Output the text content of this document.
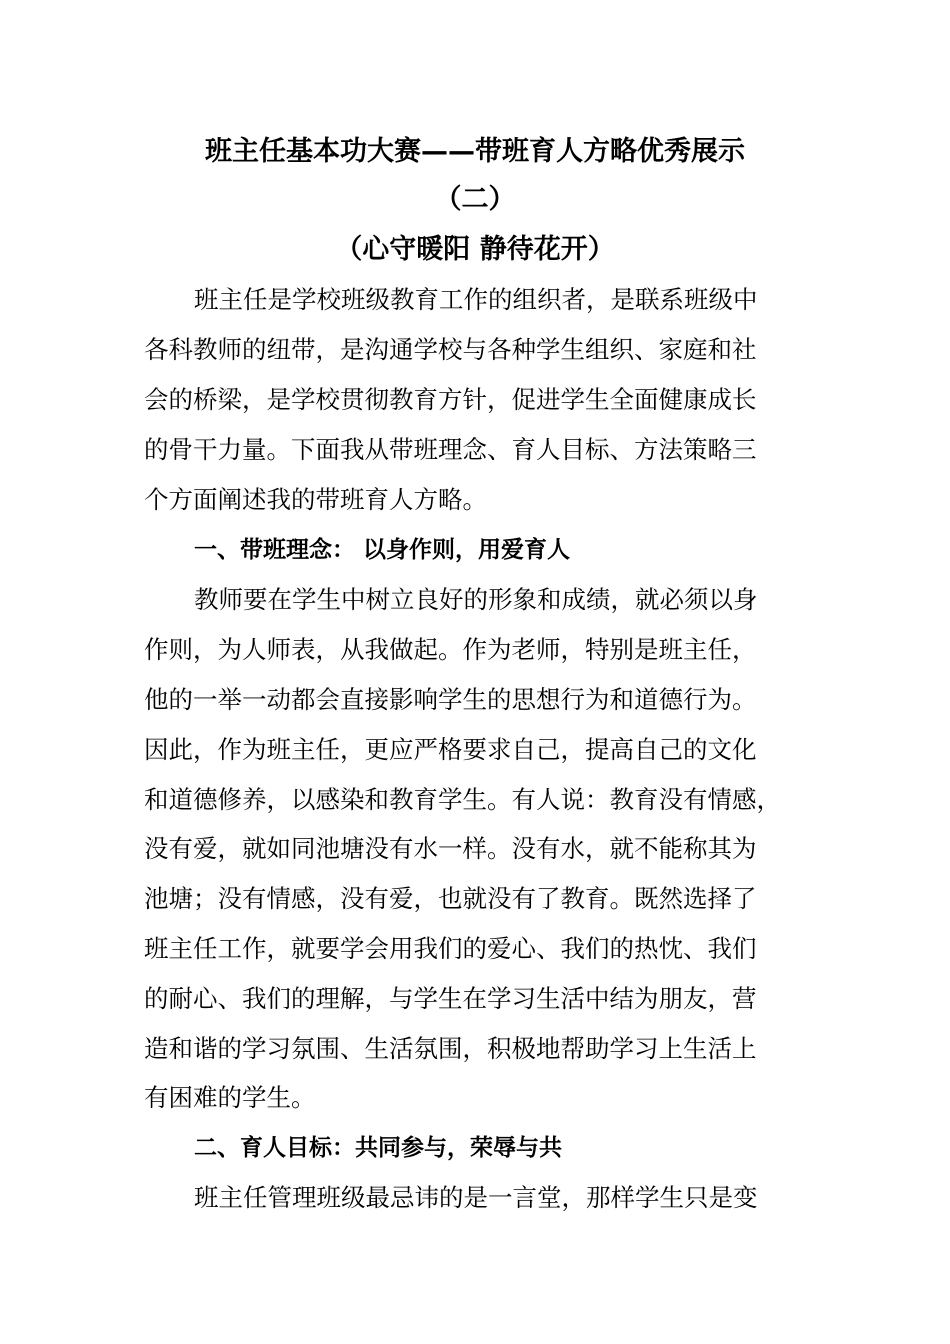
班主任基本功大赛——带班育人方略优秀展示
（二）
（心守暖阳 静待花开）
班主任是学校班级教育工作的组织者，是联系班级中
各科教师的纽带，是沟通学校与各种学生组织、家庭和社
会的桥梁，是学校贯彻教育方针，促进学生全面健康成长
的骨干力量。下面我从带班理念、育人目标、方法策略三
个方面阐述我的带班育人方略。
一、带班理念： 以身作则，用爱育人
教师要在学生中树立良好的形象和成绩，就必须以身
作则，为人师表，从我做起。作为老师，特别是班主任，
他的一举一动都会直接影响学生的思想行为和道德行为。
因此，作为班主任，更应严格要求自己，提高自己的文化
和道德修养，以感染和教育学生。有人说：教育没有情感，
没有爱，就如同池塘没有水一样。没有水，就不能称其为
池塘；没有情感，没有爱，也就没有了教育。既然选择了
班主任工作，就要学会用我们的爱心、我们的热忱、我们
的耐心、我们的理解，与学生在学习生活中结为朋友，营
造和谐的学习氛围、生活氛围，积极地帮助学习上生活上
有困难的学生。
二、育人目标：共同参与，荣辱与共
班主任管理班级最忌讳的是一言堂，那样学生只是变
